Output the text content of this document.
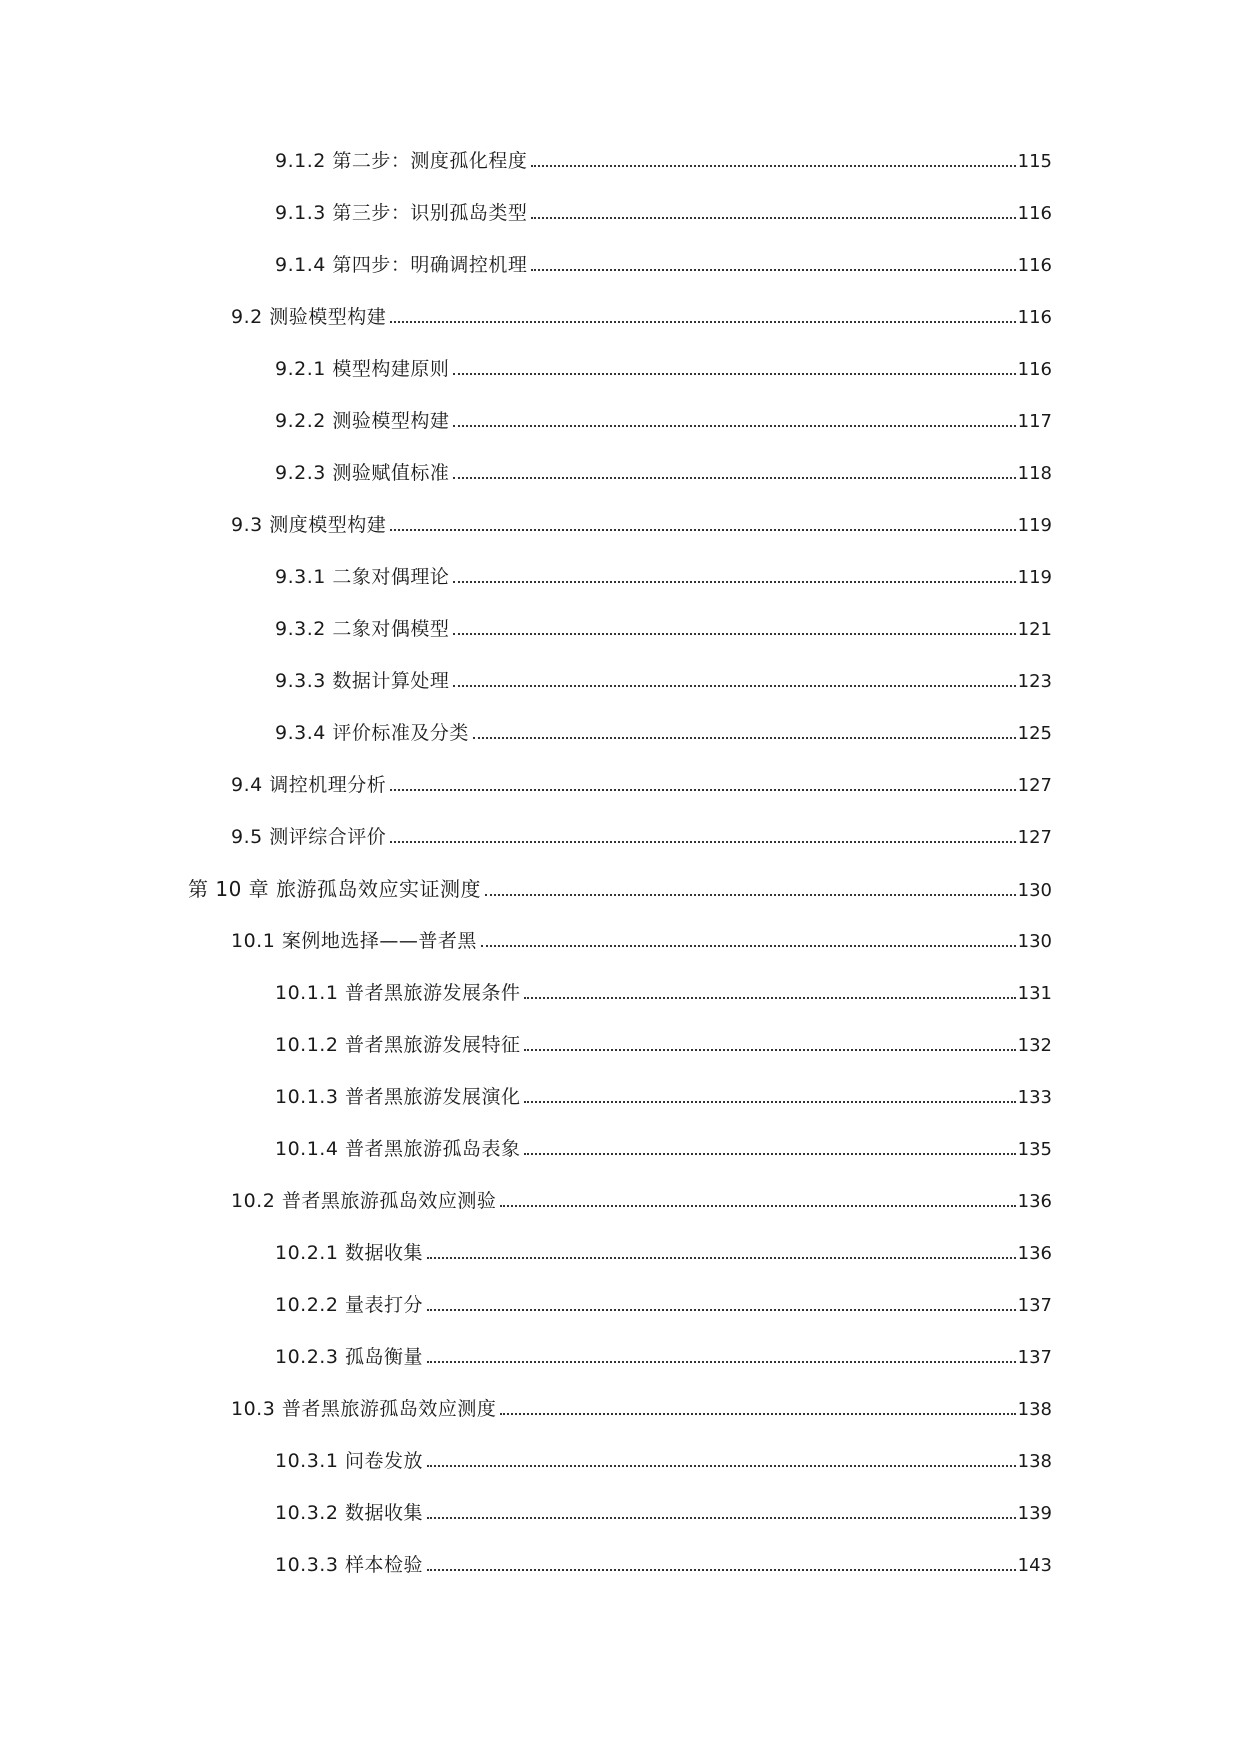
9.1.2 第二步：测度孤化程度	115
9.1.3 第三步：识别孤岛类型	116
9.1.4 第四步：明确调控机理	116
9.2 测验模型构建	116
9.2.1 模型构建原则	116
9.2.2 测验模型构建	117
9.2.3 测验赋值标准	118
9.3 测度模型构建	119
9.3.1 二象对偶理论	119
9.3.2 二象对偶模型	121
9.3.3 数据计算处理	123
9.3.4 评价标准及分类	125
9.4 调控机理分析	127
9.5 测评综合评价	127
第 10 章 旅游孤岛效应实证测度	130
10.1 案例地选择——普者黑	130
10.1.1 普者黑旅游发展条件	131
10.1.2 普者黑旅游发展特征	132
10.1.3 普者黑旅游发展演化	133
10.1.4 普者黑旅游孤岛表象	135
10.2 普者黑旅游孤岛效应测验	136
10.2.1 数据收集	136
10.2.2 量表打分	137
10.2.3 孤岛衡量	137
10.3 普者黑旅游孤岛效应测度	138
10.3.1 问卷发放	138
10.3.2 数据收集	139
10.3.3 样本检验	143
